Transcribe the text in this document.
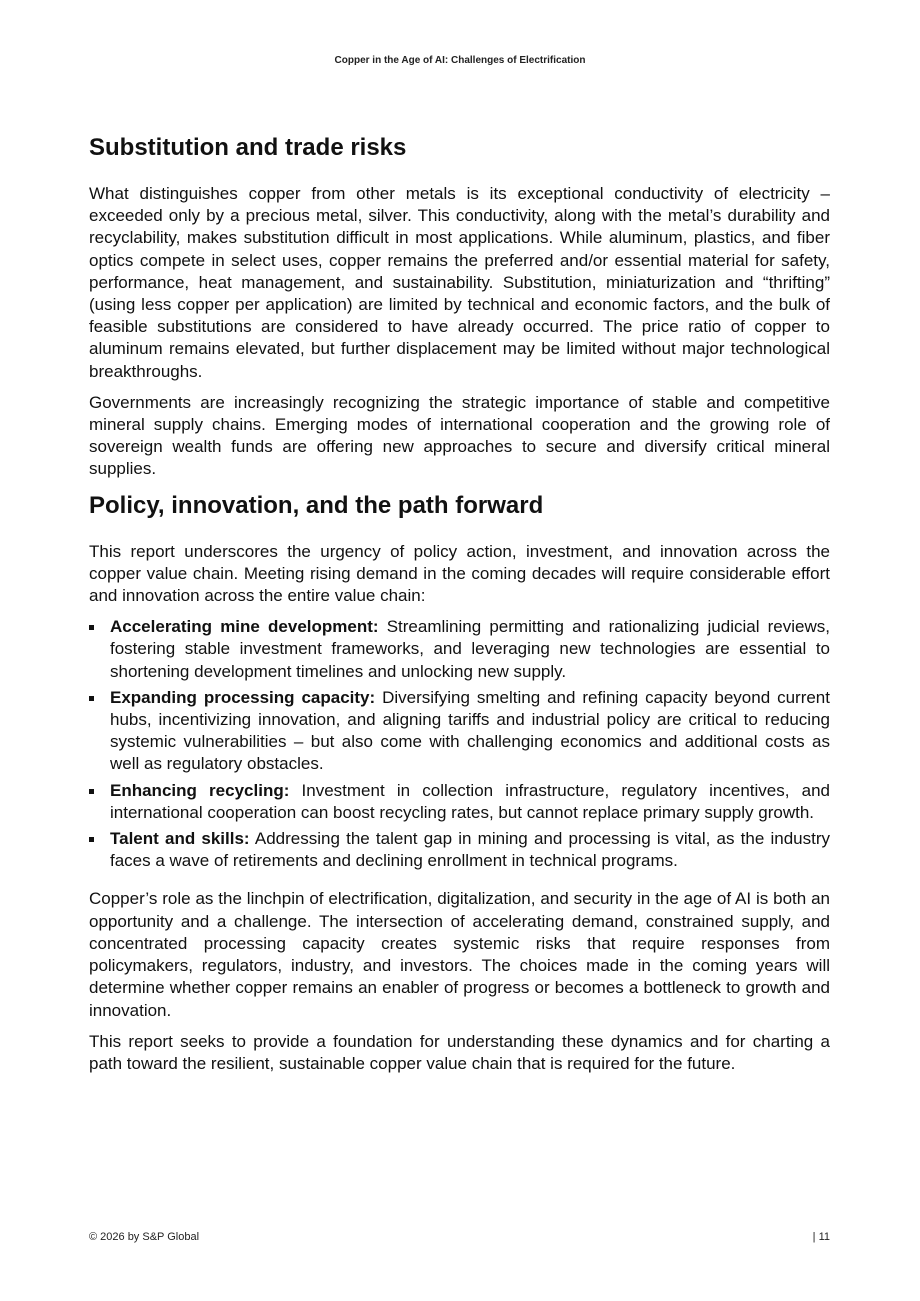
Copper in the Age of AI: Challenges of Electrification
Substitution and trade risks

What distinguishes copper from other metals is its exceptional conductivity of electricity – exceeded only by a precious metal, silver. This conductivity, along with the metal’s durability and recyclability, makes substitution difficult in most applications. While aluminum, plastics, and fiber optics compete in select uses, copper remains the preferred and/or essential material for safety, performance, heat management, and sustainability. Substitution, miniaturization and “thrifting” (using less copper per application) are limited by technical and economic factors, and the bulk of feasible substitutions are considered to have already occurred. The price ratio of copper to aluminum remains elevated, but further displacement may be limited without major technological breakthroughs.

Governments are increasingly recognizing the strategic importance of stable and competitive mineral supply chains. Emerging modes of international cooperation and the growing role of sovereign wealth funds are offering new approaches to secure and diversify critical mineral supplies.

Policy, innovation, and the path forward

This report underscores the urgency of policy action, investment, and innovation across the copper value chain. Meeting rising demand in the coming decades will require considerable effort and innovation across the entire value chain:

Accelerating mine development: Streamlining permitting and rationalizing judicial reviews, fostering stable investment frameworks, and leveraging new technologies are essential to shortening development timelines and unlocking new supply.
Expanding processing capacity: Diversifying smelting and refining capacity beyond current hubs, incentivizing innovation, and aligning tariffs and industrial policy are critical to reducing systemic vulnerabilities – but also come with challenging economics and additional costs as well as regulatory obstacles.
Enhancing recycling: Investment in collection infrastructure, regulatory incentives, and international cooperation can boost recycling rates, but cannot replace primary supply growth.
Talent and skills: Addressing the talent gap in mining and processing is vital, as the industry faces a wave of retirements and declining enrollment in technical programs.

Copper’s role as the linchpin of electrification, digitalization, and security in the age of AI is both an opportunity and a challenge. The intersection of accelerating demand, constrained supply, and concentrated processing capacity creates systemic risks that require responses from policymakers, regulators, industry, and investors. The choices made in the coming years will determine whether copper remains an enabler of progress or becomes a bottleneck to growth and innovation.

This report seeks to provide a foundation for understanding these dynamics and for charting a path toward the resilient, sustainable copper value chain that is required for the future.

© 2026 by S&P Global	| 11
